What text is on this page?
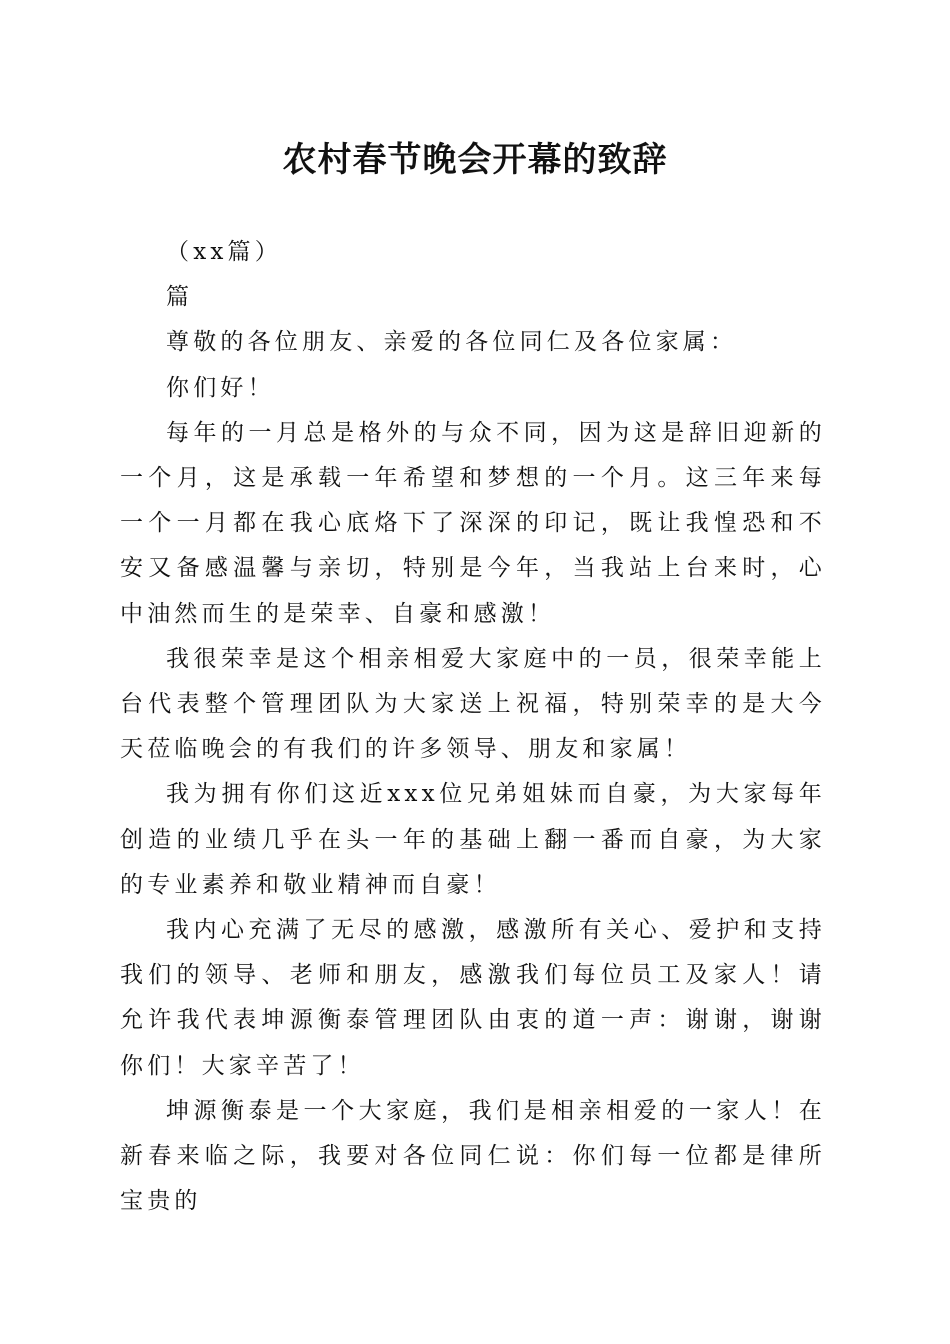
农村春节晚会开幕的致辞

（xx篇）

篇

尊敬的各位朋友、亲爱的各位同仁及各位家属：

你们好！

每年的一月总是格外的与众不同，因为这是辞旧迎新的一个月，这是承载一年希望和梦想的一个月。这三年来每一个一月都在我心底烙下了深深的印记，既让我惶恐和不安又备感温馨与亲切，特别是今年，当我站上台来时，心中油然而生的是荣幸、自豪和感激！

我很荣幸是这个相亲相爱大家庭中的一员，很荣幸能上台代表整个管理团队为大家送上祝福，特别荣幸的是大今天莅临晚会的有我们的许多领导、朋友和家属！

我为拥有你们这近xxx位兄弟姐妹而自豪，为大家每年创造的业绩几乎在头一年的基础上翻一番而自豪，为大家的专业素养和敬业精神而自豪！

我内心充满了无尽的感激，感激所有关心、爱护和支持我们的领导、老师和朋友，感激我们每位员工及家人！请允许我代表坤源衡泰管理团队由衷的道一声：谢谢，谢谢你们！大家辛苦了！

坤源衡泰是一个大家庭，我们是相亲相爱的一家人！在新春来临之际，我要对各位同仁说：你们每一位都是律所宝贵的
